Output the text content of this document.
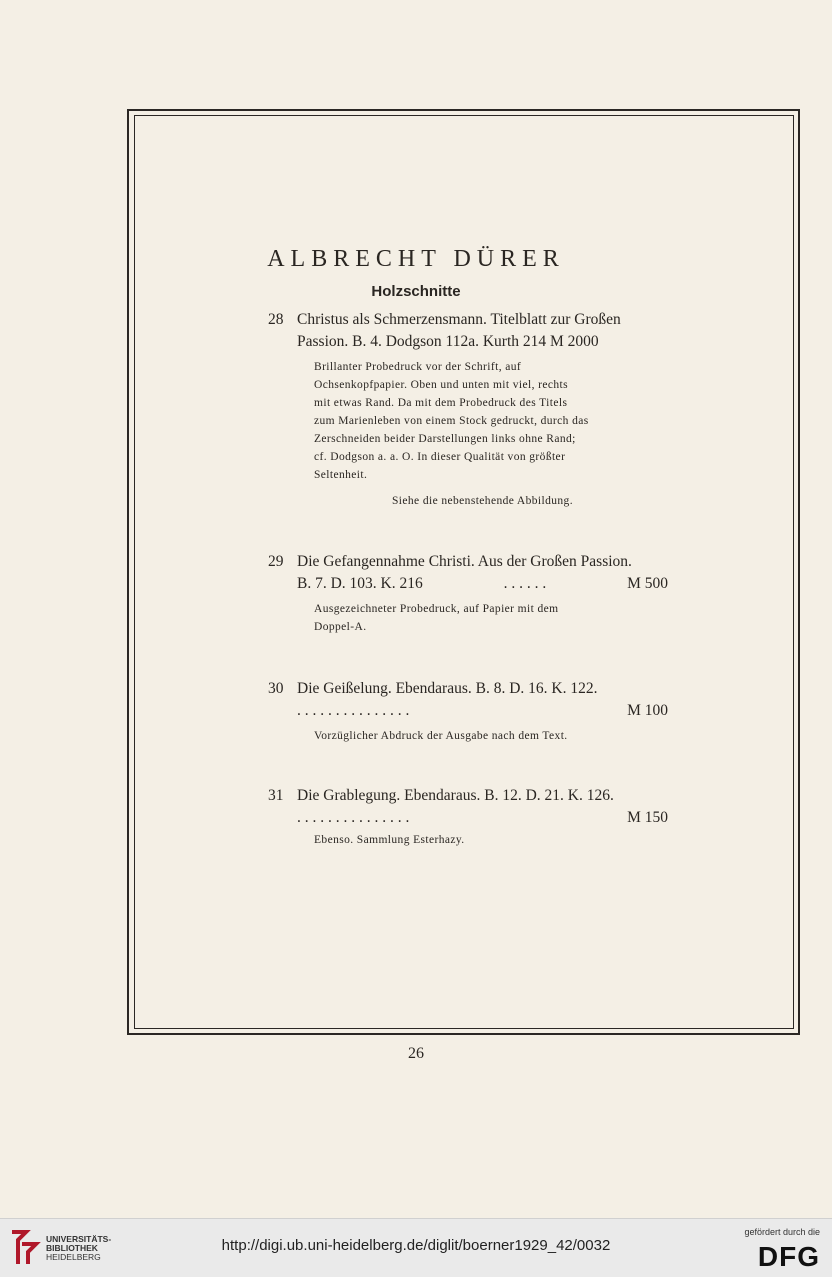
ALBRECHT DÜRER
Holzschnitte
28 Christus als Schmerzensmann. Titelblatt zur Großen
Passion. B. 4. Dodgson 112a. Kurth 214 M 2000
Brillanter Probedruck vor der Schrift, auf
Ochsenkopfpapier. Oben und unten mit viel, rechts
mit etwas Rand. Da mit dem Probedruck des Titels
zum Marienleben von einem Stock gedruckt, durch das
Zerschneiden beider Darstellungen links ohne Rand;
cf. Dodgson a. a. O. In dieser Qualität von größter
Seltenheit.
Siehe die nebenstehende Abbildung.
29 Die Gefangennahme Christi. Aus der Großen Passion.
B. 7. D. 103. K. 216	. . . . . .	M 500
Ausgezeichneter Probedruck, auf Papier mit dem
Doppel-A.
30 Die Geißelung. Ebendaraus. B. 8. D. 16. K. 122.
. . . . . . . . . . . . . . .	M 100
Vorzüglicher Abdruck der Ausgabe nach dem Text.
31 Die Grablegung. Ebendaraus. B. 12. D. 21. K. 126.
. . . . . . . . . . . . . . .	M 150
Ebenso. Sammlung Esterhazy.
26
UNIVERSITÄTS-
BIBLIOTHEK
HEIDELBERG
http://digi.ub.uni-heidelberg.de/diglit/boerner1929_42/0032
gefördert durch die
DFG
